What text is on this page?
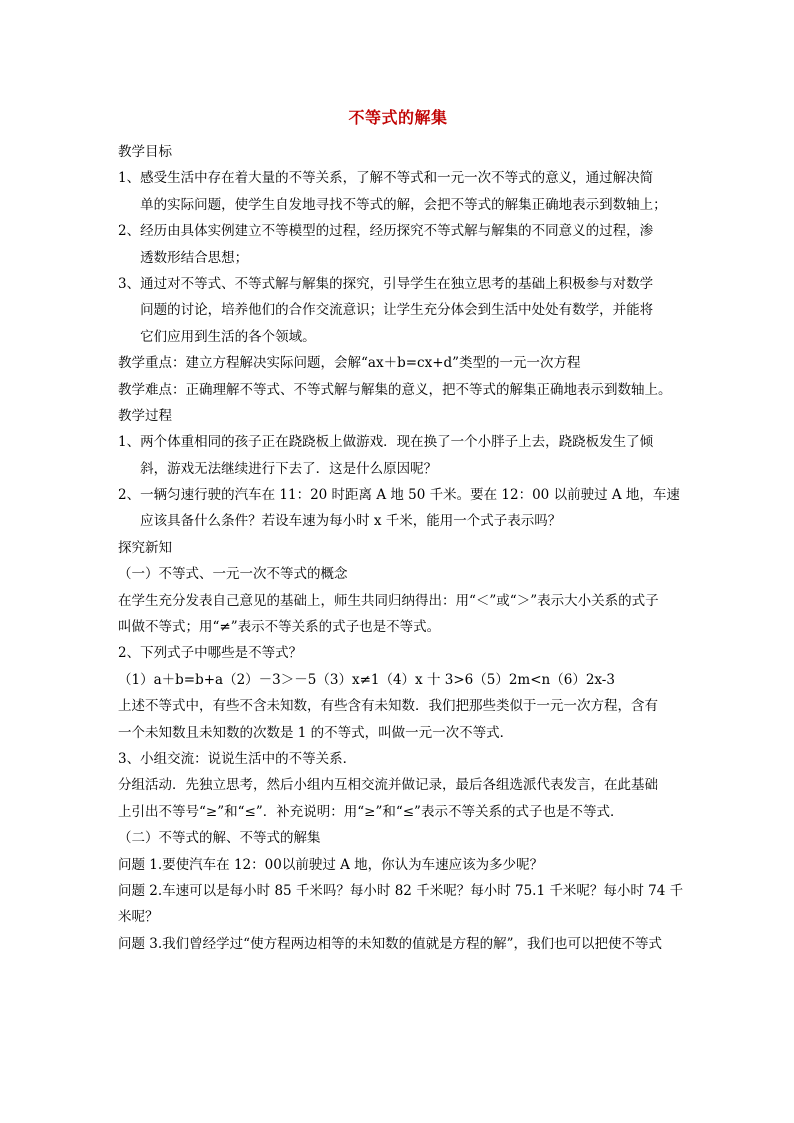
不等式的解集
教学目标
1、 感受生活中存在着大量的不等关系，了解不等式和一元一次不等式的意义，通过解决简
单的实际问题，使学生自发地寻找不等式的解，会把不等式的解集正确地表示到数轴上；
2、 经历由具体实例建立不等模型的过程，经历探究不等式解与解集的不同意义的过程，渗
透数形结合思想；
3、 通过对不等式、不等式解与解集的探究，引导学生在独立思考的基础上积极参与对数学
问题的讨论，培养他们的合作交流意识；让学生充分体会到生活中处处有数学，并能将
它们应用到生活的各个领域。
教学重点：建立方程解决实际问题，会解“ax＋b=cx+d”类型的一元一次方程
教学难点：正确理解不等式、不等式解与解集的意义，把不等式的解集正确地表示到数轴上。
教学过程
1、 两个体重相同的孩子正在跷跷板上做游戏．现在换了一个小胖子上去，跷跷板发生了倾
斜，游戏无法继续进行下去了．这是什么原因呢？
2、 一辆匀速行驶的汽车在 11：20 时距离 A 地 50 千米。要在 12：00 以前驶过 A 地，车速
应该具备什么条件？若设车速为每小时 x 千米，能用一个式子表示吗？
探究新知
（一）不等式、一元一次不等式的概念
在学生充分发表自己意见的基础上，师生共同归纳得出：用“＜”或“＞”表示大小关系的式子
叫做不等式；用“≠”表示不等关系的式子也是不等式。
2、下列式子中哪些是不等式？
（1）a＋b=b+a（2）－3＞－5（3）x≠1（4）x 十 3>6（5）2m<n（6）2x-3
上述不等式中，有些不含未知数，有些含有未知数．我们把那些类似于一元一次方程，含有
一个未知数且未知数的次数是 1 的不等式，叫做一元一次不等式．
3、小组交流：说说生活中的不等关系．
分组活动．先独立思考，然后小组内互相交流并做记录，最后各组选派代表发言，在此基础
上引出不等号“≥”和“≤”．补充说明：用“≥”和“≤”表示不等关系的式子也是不等式．
（二）不等式的解、不等式的解集
问题 1.要使汽车在 12：00以前驶过 A 地，你认为车速应该为多少呢？
问题 2.车速可以是每小时 85 千米吗？每小时 82 千米呢？每小时 75.1 千米呢？每小时 74 千
米呢？
问题 3.我们曾经学过“使方程两边相等的未知数的值就是方程的解”，我们也可以把使不等式
